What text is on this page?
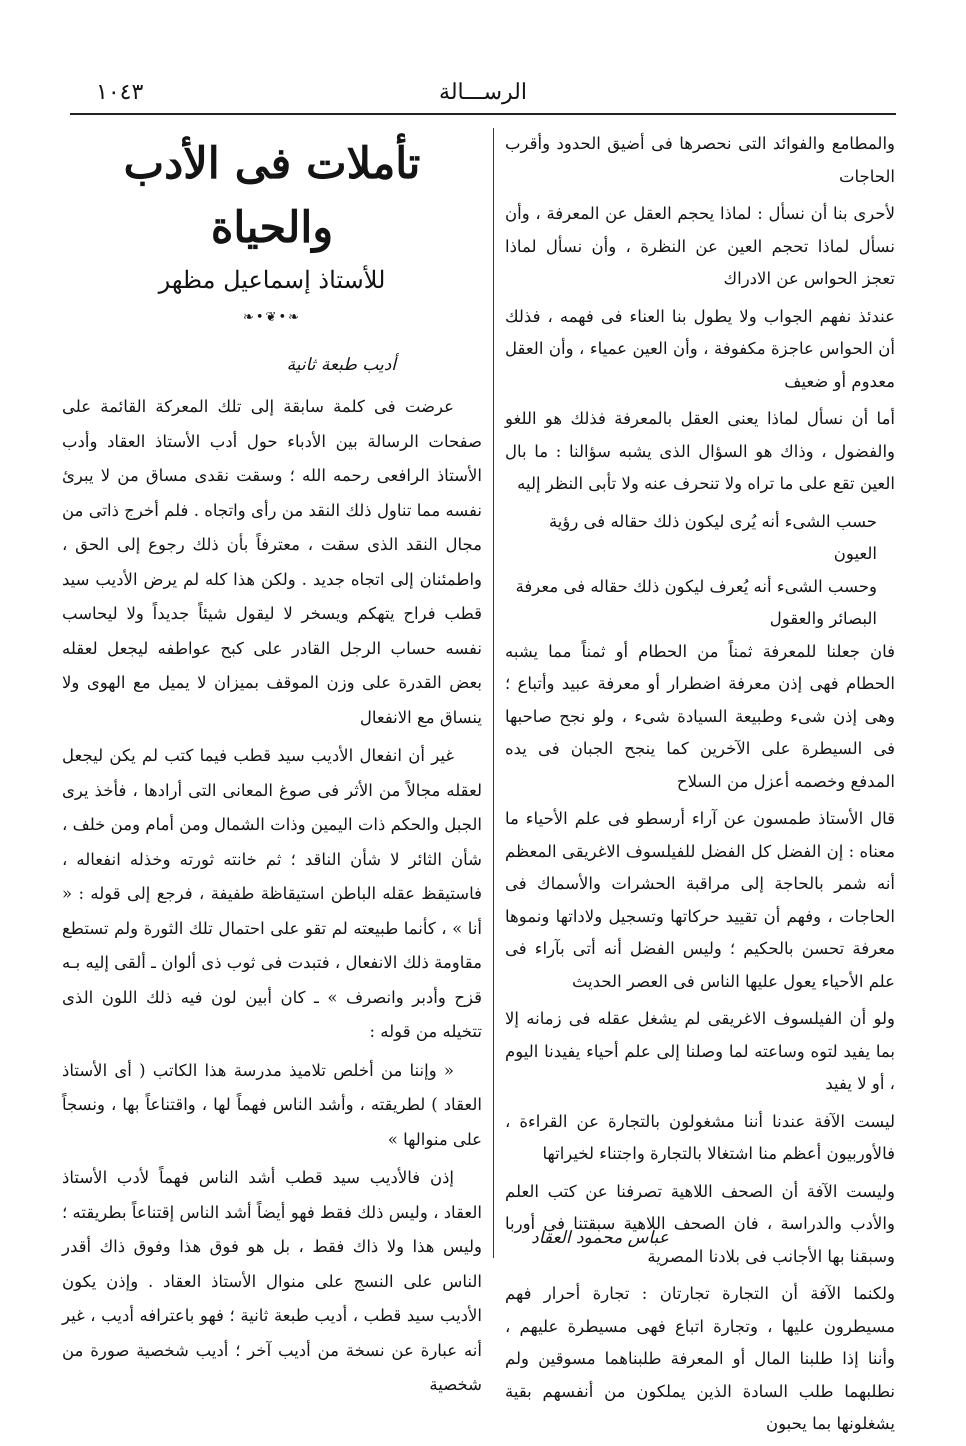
١٠٤٣	الرســـالة

والمطامع والفوائد التى نحصرها فى أضيق الحدود وأقرب الحاجات

لأحرى بنا أن نسأل : لماذا يحجم العقل عن المعرفة ، وأن نسأل لماذا تحجم العين عن النظرة ، وأن نسأل لماذا تعجز الحواس عن الادراك

عندئذ نفهم الجواب ولا يطول بنا العناء فى فهمه ، فذلك أن الحواس عاجزة مكفوفة ، وأن العين عمياء ، وأن العقل معدوم أو ضعيف

أما أن نسأل لماذا يعنى العقل بالمعرفة فذلك هو اللغو والفضول ، وذاك هو السؤال الذى يشبه سؤالنا : ما بال العين تقع على ما تراه ولا تنحرف عنه ولا تأبى النظر إليه

حسب الشىء أنه يُرى ليكون ذلك حقاله فى رؤية العيون

وحسب الشىء أنه يُعرف ليكون ذلك حقاله فى معرفة البصائر والعقول

فان جعلنا للمعرفة ثمناً من الحطام أو ثمناً مما يشبه الحطام فهى إذن معرفة اضطرار أو معرفة عبيد وأتباع ؛ وهى إذن شىء وطبيعة السيادة شىء ، ولو نجح صاحبها فى السيطرة على الآخرين كما ينجح الجبان فى يده المدفع وخصمه أعزل من السلاح

قال الأستاذ طمسون عن آراء أرسطو فى علم الأحياء ما معناه : إن الفضل كل الفضل للفيلسوف الاغريقى المعظم أنه شمر بالحاجة إلى مراقبة الحشرات والأسماك فى الحاجات ، وفهم أن تقييد حركاتها وتسجيل ولاداتها ونموها معرفة تحسن بالحكيم ؛ وليس الفضل أنه أتى بآراء فى علم الأحياء يعول عليها الناس فى العصر الحديث

ولو أن الفيلسوف الاغريقى لم يشغل عقله فى زمانه إلا بما يفيد لتوه وساعته لما وصلنا إلى علم أحياء يفيدنا اليوم ، أو لا يفيد

ليست الآفة عندنا أننا مشغولون بالتجارة عن القراءة ، فالأوربيون أعظم منا اشتغالا بالتجارة واجتناء لخيراتها

وليست الآفة أن الصحف اللاهية تصرفنا عن كتب العلم والأدب والدراسة ، فان الصحف اللاهية سبقتنا فى أوربا وسبقنا بها الأجانب فى بلادنا المصرية

ولكنما الآفة أن التجارة تجارتان : تجارة أحرار فهم مسيطرون عليها ، وتجارة اتباع فهى مسيطرة عليهم ، وأننا إذا طلبنا المال أو المعرفة طلبناهما مسوقين ولم نطلبهما طلب السادة الذين يملكون من أنفسهم بقية يشغلونها بما يحبون

عباس محمود العقاد
تأملات فى الأدب والحياة
للأستاذ إسماعيل مظهر
❧•❦•❧
أديب طبعة ثانية

عرضت فى كلمة سابقة إلى تلك المعركة القائمة على صفحات الرسالة بين الأدباء حول أدب الأستاذ العقاد وأدب الأستاذ الرافعى رحمه الله ؛ وسقت نقدى مساق من لا يبرئ نفسه مما تناول ذلك النقد من رأى واتجاه . فلم أخرج ذاتى من مجال النقد الذى سقت ، معترفاً بأن ذلك رجوع إلى الحق ، واطمئنان إلى اتجاه جديد . ولكن هذا كله لم يرض الأديب سيد قطب فراح يتهكم ويسخر لا ليقول شيئاً جديداً ولا ليحاسب نفسه حساب الرجل القادر على كبح عواطفه ليجعل لعقله بعض القدرة على وزن الموقف بميزان لا يميل مع الهوى ولا ينساق مع الانفعال

غير أن انفعال الأديب سيد قطب فيما كتب لم يكن ليجعل لعقله مجالاً من الأثر فى صوغ المعانى التى أرادها ، فأخذ يرى الجبل والحكم ذات اليمين وذات الشمال ومن أمام ومن خلف ، شأن الثائر لا شأن الناقد ؛ ثم خانته ثورته وخذله انفعاله ، فاستيقظ عقله الباطن استيقاظة طفيفة ، فرجع إلى قوله : « أنا » ، كأنما طبيعته لم تقو على احتمال تلك الثورة ولم تستطع مقاومة ذلك الانفعال ، فتبدت فى ثوب ذى ألوان ـ ألقى إليه بـه قزح وأدبر وانصرف » ـ كان أبين لون فيه ذلك اللون الذى تتخيله من قوله :

« وإننا من أخلص تلاميذ مدرسة هذا الكاتب ( أى الأستاذ العقاد ) لطريقته ، وأشد الناس فهماً لها ، واقتناعاً بها ، ونسجاً على منوالها »

إذن فالأديب سيد قطب أشد الناس فهماً لأدب الأستاذ العقاد ، وليس ذلك فقط فهو أيضاً أشد الناس إقتناعاً بطريقته ؛ وليس هذا ولا ذاك فقط ، بل هو فوق هذا وفوق ذاك أقدر الناس على النسج على منوال الأستاذ العقاد . وإذن يكون الأديب سيد قطب ، أديب طبعة ثانية ؛ فهو باعترافه أديب ، غير أنه عبارة عن نسخة من أديب آخر ؛ أديب شخصية صورة من شخصية
